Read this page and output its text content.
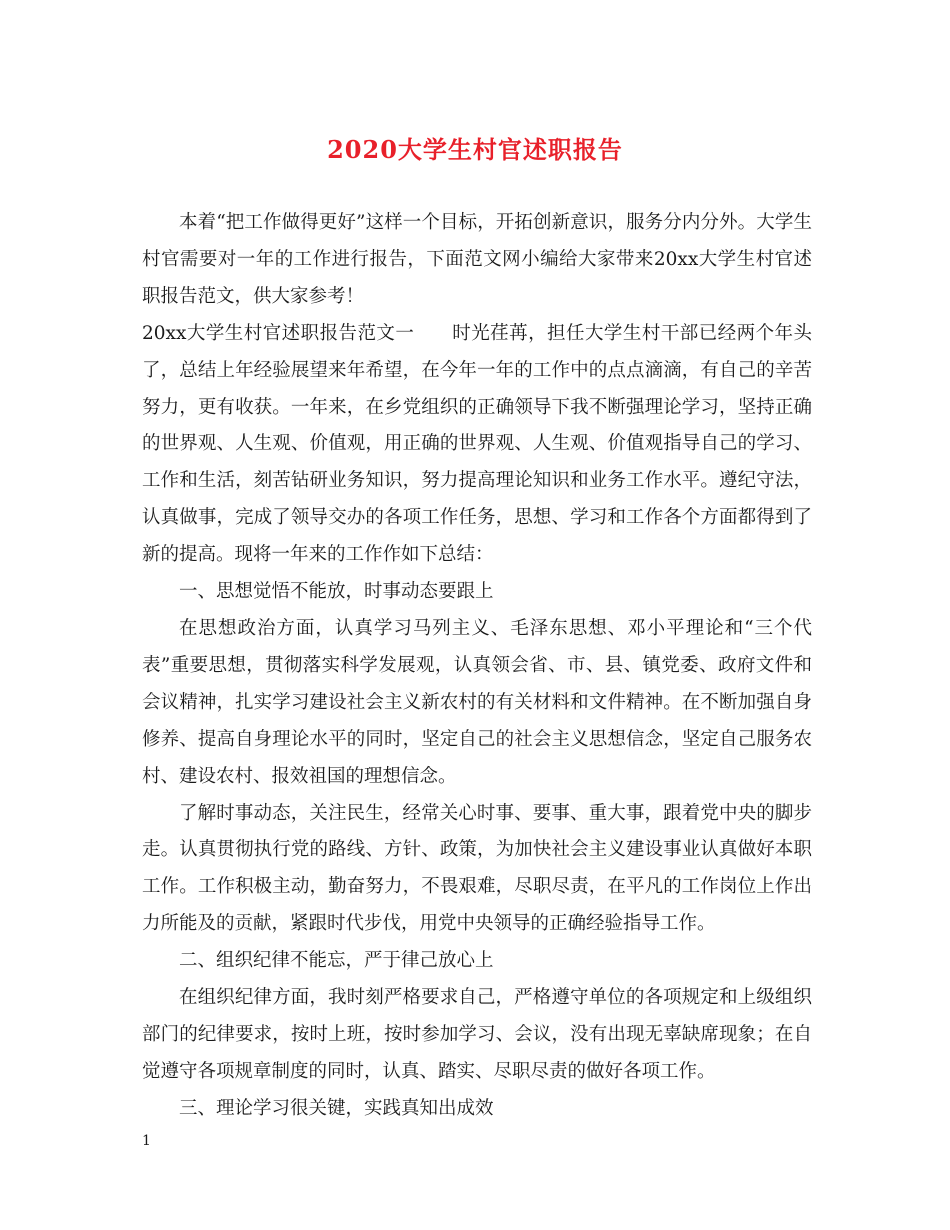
2020大学生村官述职报告

本着“把工作做得更好”这样一个目标，开拓创新意识，服务分内分外。大学生村官需要对一年的工作进行报告，下面范文网小编给大家带来20xx大学生村官述职报告范文，供大家参考！

20xx大学生村官述职报告范文一　　时光荏苒，担任大学生村干部已经两个年头了，总结上年经验展望来年希望，在今年一年的工作中的点点滴滴，有自己的辛苦努力，更有收获。一年来，在乡党组织的正确领导下我不断强理论学习，坚持正确的世界观、人生观、价值观，用正确的世界观、人生观、价值观指导自己的学习、工作和生活，刻苦钻研业务知识，努力提高理论知识和业务工作水平。遵纪守法，认真做事，完成了领导交办的各项工作任务，思想、学习和工作各个方面都得到了新的提高。现将一年来的工作作如下总结：

一、思想觉悟不能放，时事动态要跟上

在思想政治方面，认真学习马列主义、毛泽东思想、邓小平理论和“三个代表”重要思想，贯彻落实科学发展观，认真领会省、市、县、镇党委、政府文件和会议精神，扎实学习建设社会主义新农村的有关材料和文件精神。在不断加强自身修养、提高自身理论水平的同时，坚定自己的社会主义思想信念，坚定自己服务农村、建设农村、报效祖国的理想信念。

了解时事动态，关注民生，经常关心时事、要事、重大事，跟着党中央的脚步走。认真贯彻执行党的路线、方针、政策，为加快社会主义建设事业认真做好本职工作。工作积极主动，勤奋努力，不畏艰难，尽职尽责，在平凡的工作岗位上作出力所能及的贡献，紧跟时代步伐，用党中央领导的正确经验指导工作。

二、组织纪律不能忘，严于律己放心上

在组织纪律方面，我时刻严格要求自己，严格遵守单位的各项规定和上级组织部门的纪律要求，按时上班，按时参加学习、会议，没有出现无辜缺席现象；在自觉遵守各项规章制度的同时，认真、踏实、尽职尽责的做好各项工作。

三、理论学习很关键，实践真知出成效

1
